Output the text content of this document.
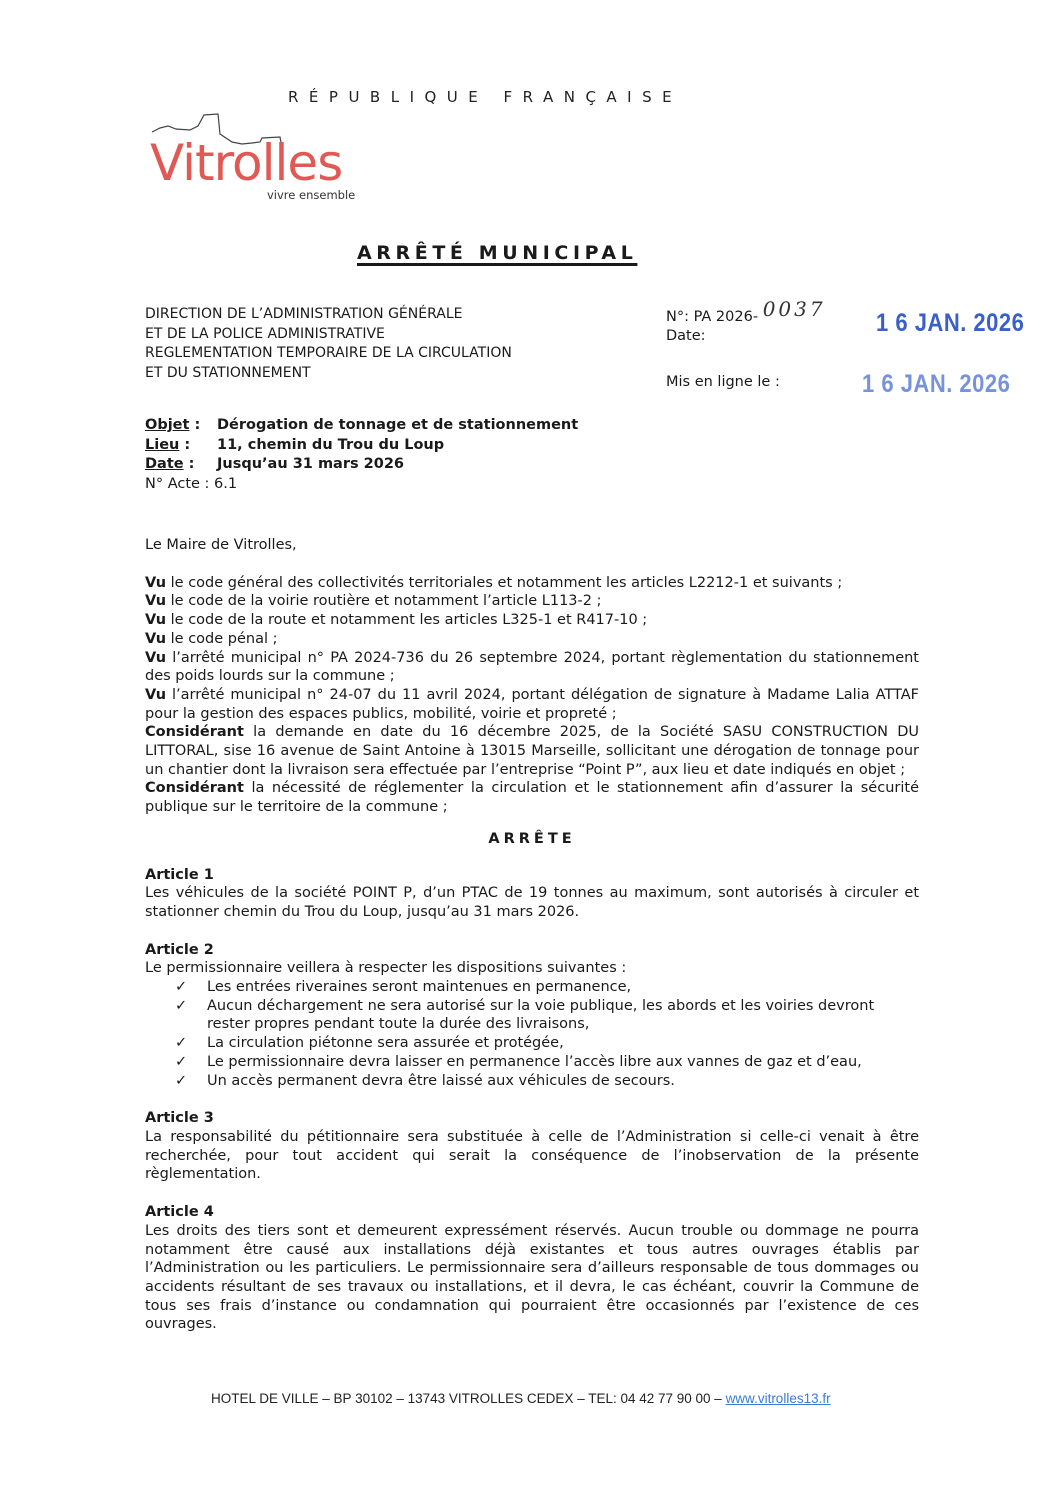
RÉPUBLIQUE FRANÇAISE
Vitrolles
vivre ensemble
ARRÊTÉ MUNICIPAL
DIRECTION DE L’ADMINISTRATION GÉNÉRALE
ET DE LA POLICE ADMINISTRATIVE
REGLEMENTATION TEMPORAIRE DE LA CIRCULATION
ET DU STATIONNEMENT
N°: PA 2026- 0037
Date:	1 6 JAN. 2026
Mis en ligne le :	1 6 JAN. 2026
Objet :	Dérogation de tonnage et de stationnement
Lieu :	11, chemin du Trou du Loup
Date :	Jusqu’au 31 mars 2026
N° Acte : 6.1

Le Maire de Vitrolles,

Vu le code général des collectivités territoriales et notamment les articles L2212-1 et suivants ;

Vu le code de la voirie routière et notamment l’article L113-2 ;

Vu le code de la route et notamment les articles L325-1 et R417-10 ;

Vu le code pénal ;

Vu l’arrêté municipal n° PA 2024-736 du 26 septembre 2024, portant règlementation du stationnement des poids lourds sur la commune ;

Vu l’arrêté municipal n° 24-07 du 11 avril 2024, portant délégation de signature à Madame Lalia ATTAF pour la gestion des espaces publics, mobilité, voirie et propreté ;

Considérant la demande en date du 16 décembre 2025, de la Société SASU CONSTRUCTION DU LITTORAL, sise 16 avenue de Saint Antoine à 13015 Marseille, sollicitant une dérogation de tonnage pour un chantier dont la livraison sera effectuée par l’entreprise “Point P”, aux lieu et date indiqués en objet ;

Considérant la nécessité de réglementer la circulation et le stationnement afin d’assurer la sécurité publique sur le territoire de la commune ;

ARRÊTE

Article 1

Les véhicules de la société POINT P, d’un PTAC de 19 tonnes au maximum, sont autorisés à circuler et stationner chemin du Trou du Loup, jusqu’au 31 mars 2026.

Article 2

Le permissionnaire veillera à respecter les dispositions suivantes :

✓ Les entrées riveraines seront maintenues en permanence,
✓ Aucun déchargement ne sera autorisé sur la voie publique, les abords et les voiries devront rester propres pendant toute la durée des livraisons,
✓ La circulation piétonne sera assurée et protégée,
✓ Le permissionnaire devra laisser en permanence l’accès libre aux vannes de gaz et d’eau,
✓ Un accès permanent devra être laissé aux véhicules de secours.

Article 3

La responsabilité du pétitionnaire sera substituée à celle de l’Administration si celle-ci venait à être recherchée, pour tout accident qui serait la conséquence de l’inobservation de la présente règlementation.

Article 4

Les droits des tiers sont et demeurent expressément réservés. Aucun trouble ou dommage ne pourra notamment être causé aux installations déjà existantes et tous autres ouvrages établis par l’Administration ou les particuliers. Le permissionnaire sera d’ailleurs responsable de tous dommages ou accidents résultant de ses travaux ou installations, et il devra, le cas échéant, couvrir la Commune de tous ses frais d’instance ou condamnation qui pourraient être occasionnés par l’existence de ces ouvrages.

HOTEL DE VILLE – BP 30102 – 13743 VITROLLES CEDEX – TEL: 04 42 77 90 00 – www.vitrolles13.fr
